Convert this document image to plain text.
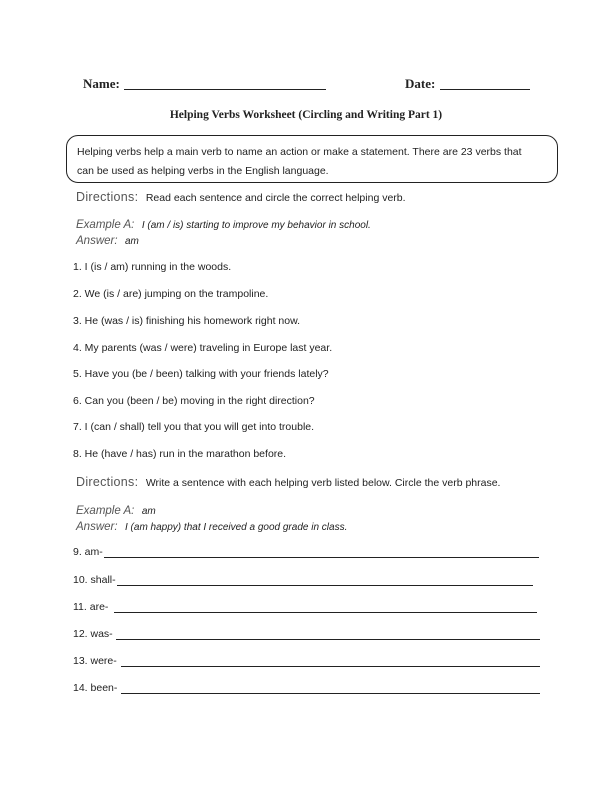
Name:	Date:
Helping Verbs Worksheet (Circling and Writing Part 1)
Helping verbs help a main verb to name an action or make a statement. There are 23 verbs that
can be used as helping verbs in the English language.
Directions: Read each sentence and circle the correct helping verb.
Example A: I (am / is) starting to improve my behavior in school.
Answer: am
1. I (is / am) running in the woods.
2. We (is / are) jumping on the trampoline.
3. He (was / is) finishing his homework right now.
4. My parents (was / were) traveling in Europe last year.
5. Have you (be / been) talking with your friends lately?
6. Can you (been / be) moving in the right direction?
7. I (can / shall) tell you that you will get into trouble.
8. He (have / has) run in the marathon before.
Directions: Write a sentence with each helping verb listed below. Circle the verb phrase.
Example A: am
Answer: I (am happy) that I received a good grade in class.
9. am-
10. shall-
11. are-
12. was-
13. were-
14. been-
